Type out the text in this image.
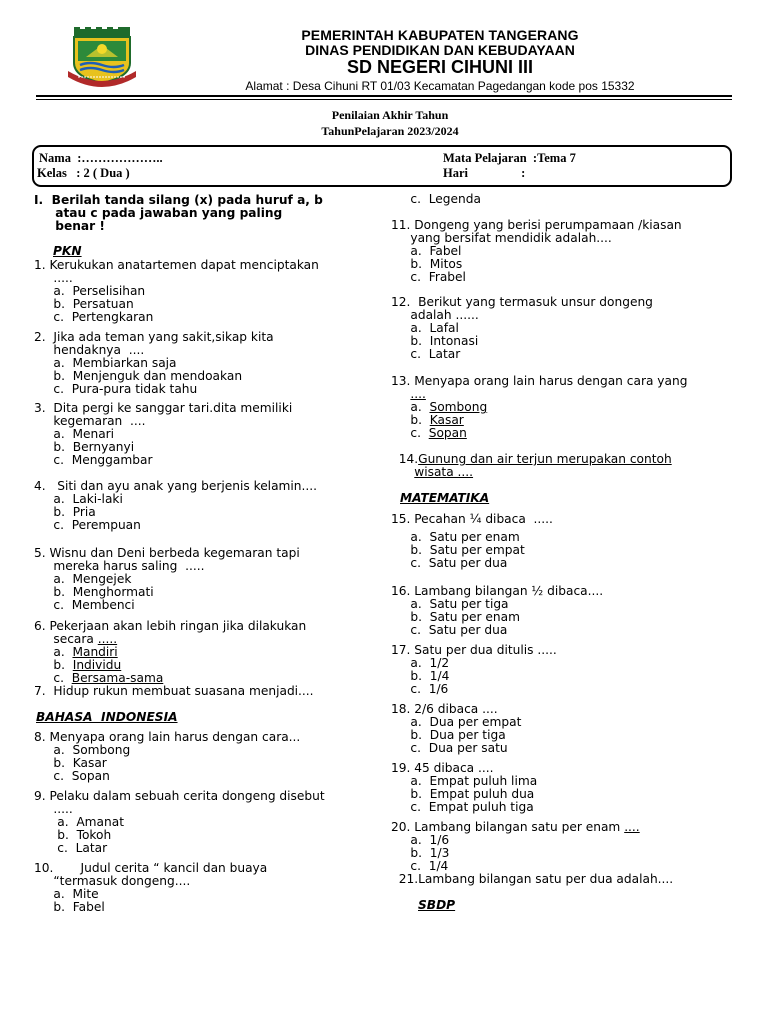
PEMERINTAH KABUPATEN TANGERANG
DINAS PENDIDIKAN DAN KEBUDAYAAN
SD NEGERI CIHUNI III
Alamat : Desa Cihuni RT 01/03 Kecamatan Pagedangan kode pos 15332
Penilaian Akhir Tahun
TahunPelajaran 2023/2024
Nama  :………………..
Kelas   : 2 ( Dua )
Mata Pelajaran  :Tema 7
Hari                 :
I.  Berilah tanda silang (x) pada huruf a, b
atau c pada jawaban yang paling
benar !
PKN
1. Kerukukan anatartemen dapat menciptakan
.....
a.  Perselisihan
b.  Persatuan
c.  Pertengkaran
2.  Jika ada teman yang sakit,sikap kita
hendaknya  ....
a.  Membiarkan saja
b.  Menjenguk dan mendoakan
c.  Pura-pura tidak tahu
3.  Dita pergi ke sanggar tari.dita memiliki
kegemaran  ....
a.  Menari
b.  Bernyanyi
c.  Menggambar
4.   Siti dan ayu anak yang berjenis kelamin....
a.  Laki-laki
b.  Pria
c.  Perempuan
5. Wisnu dan Deni berbeda kegemaran tapi
mereka harus saling  .....
a.  Mengejek
b.  Menghormati
c.  Membenci
6. Pekerjaan akan lebih ringan jika dilakukan
secara .....
a.  Mandiri
b.  Individu
c.  Bersama-sama
7.  Hidup rukun membuat suasana menjadi....
BAHASA  INDONESIA
8. Menyapa orang lain harus dengan cara...
a.  Sombong
b.  Kasar
c.  Sopan
9. Pelaku dalam sebuah cerita dongeng disebut
.....
a.  Amanat
b.  Tokoh
c.  Latar
10.       Judul cerita “ kancil dan buaya
“termasuk dongeng....
a.  Mite
b.  Fabel
c.  Legenda
11. Dongeng yang berisi perumpamaan /kiasan
yang bersifat mendidik adalah....
a.  Fabel
b.  Mitos
c.  Frabel
12.  Berikut yang termasuk unsur dongeng
adalah ......
a.  Lafal
b.  Intonasi
c.  Latar
13. Menyapa orang lain harus dengan cara yang
....
a.  Sombong
b.  Kasar
c.  Sopan
14.Gunung dan air terjun merupakan contoh
wisata ....
MATEMATIKA
15. Pecahan ¼ dibaca  .....
a.  Satu per enam
b.  Satu per empat
c.  Satu per dua
16. Lambang bilangan ½ dibaca....
a.  Satu per tiga
b.  Satu per enam
c.  Satu per dua
17. Satu per dua ditulis .....
a.  1/2
b.  1/4
c.  1/6
18. 2/6 dibaca ....
a.  Dua per empat
b.  Dua per tiga
c.  Dua per satu
19. 45 dibaca ....
a.  Empat puluh lima
b.  Empat puluh dua
c.  Empat puluh tiga
20. Lambang bilangan satu per enam ....
a.  1/6
b.  1/3
c.  1/4
21.Lambang bilangan satu per dua adalah....
SBDP
